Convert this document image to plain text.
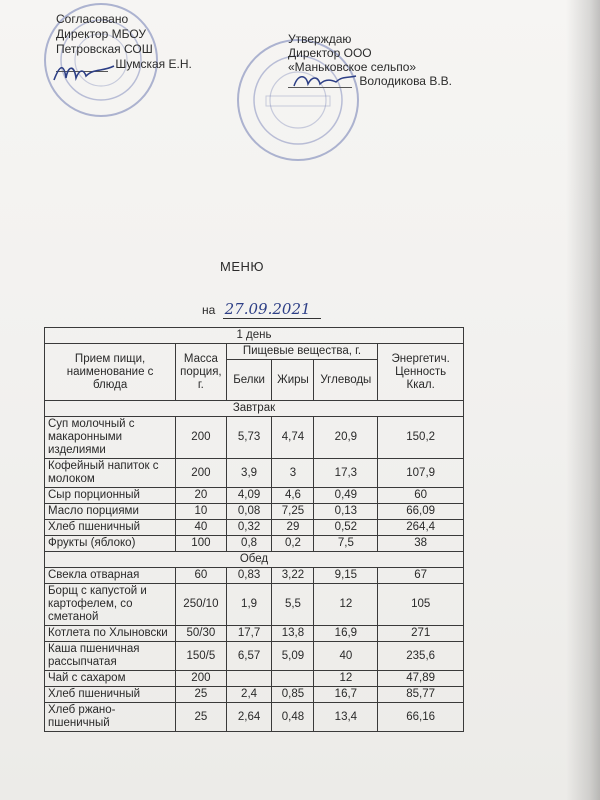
Согласовано
Директор МБОУ
Петровская СОШ
Шумская Е.Н.
Утверждаю
Директор ООО
«Маньковское сельпо»
Володикова В.В.
МЕНЮ
на 27.09.2021
1 день					
Прием пищи, наименование с блюда	Масса порция, г.	Пищевые вещества, г.			Энергетич. Ценность Ккал.
		Белки	Жиры	Углеводы	
Завтрак					
Суп молочный с макаронными изделиями	200	5,73	4,74	20,9	150,2
Кофейный напиток с молоком	200	3,9	3	17,3	107,9
Сыр порционный	20	4,09	4,6	0,49	60
Масло порциями	10	0,08	7,25	0,13	66,09
Хлеб пшеничный	40	0,32	29	0,52	264,4
Фрукты (яблоко)	100	0,8	0,2	7,5	38
Обед					
Свекла отварная	60	0,83	3,22	9,15	67
Борщ с капустой и картофелем, со сметаной	250/10	1,9	5,5	12	105
Котлета по Хлыновски	50/30	17,7	13,8	16,9	271
Каша пшеничная рассыпчатая	150/5	6,57	5,09	40	235,6
Чай с сахаром	200			12	47,89
Хлеб пшеничный	25	2,4	0,85	16,7	85,77
Хлеб ржано-пшеничный	25	2,64	0,48	13,4	66,16
